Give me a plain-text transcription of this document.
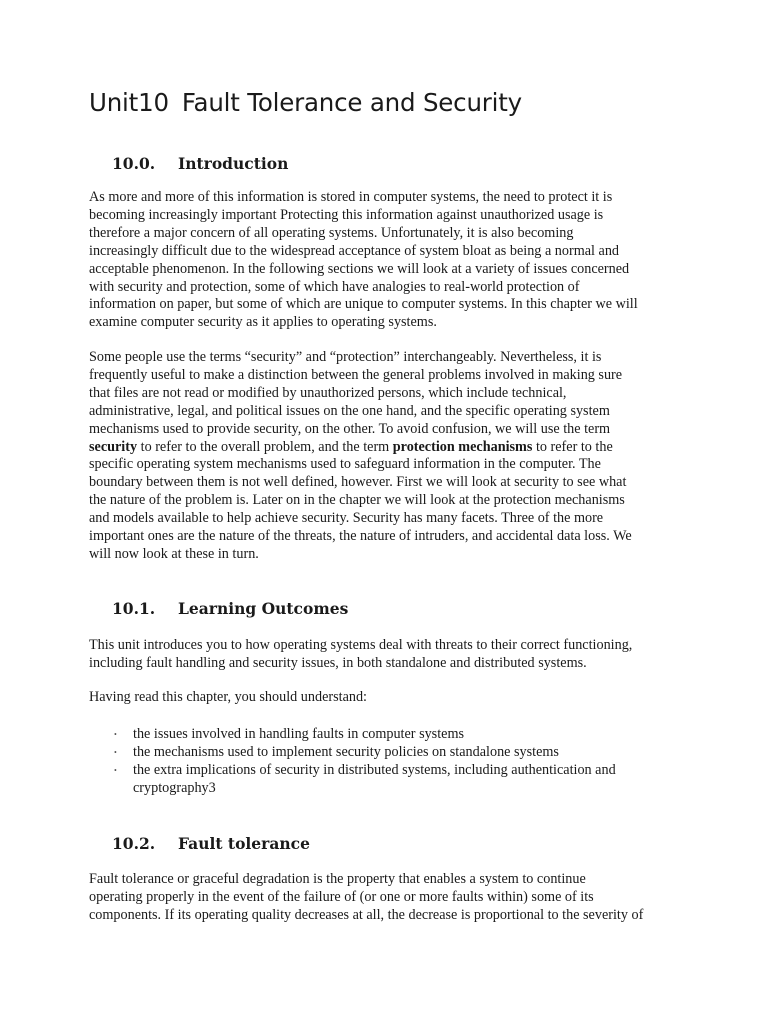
Unit10 Fault Tolerance and Security
10.0. Introduction

As more and more of this information is stored in computer systems, the need to protect it is
becoming increasingly important Protecting this information against unauthorized usage is
therefore a major concern of all operating systems. Unfortunately, it is also becoming
increasingly difficult due to the widespread acceptance of system bloat as being a normal and
acceptable phenomenon. In the following sections we will look at a variety of issues concerned
with security and protection, some of which have analogies to real-world protection of
information on paper, but some of which are unique to computer systems. In this chapter we will
examine computer security as it applies to operating systems.

Some people use the terms “security” and “protection” interchangeably. Nevertheless, it is
frequently useful to make a distinction between the general problems involved in making sure
that files are not read or modified by unauthorized persons, which include technical,
administrative, legal, and political issues on the one hand, and the specific operating system
mechanisms used to provide security, on the other. To avoid confusion, we will use the term
security to refer to the overall problem, and the term protection mechanisms to refer to the
specific operating system mechanisms used to safeguard information in the computer. The
boundary between them is not well defined, however. First we will look at security to see what
the nature of the problem is. Later on in the chapter we will look at the protection mechanisms
and models available to help achieve security. Security has many facets. Three of the more
important ones are the nature of the threats, the nature of intruders, and accidental data loss. We
will now look at these in turn.

10.1. Learning Outcomes

This unit introduces you to how operating systems deal with threats to their correct functioning,
including fault handling and security issues, in both standalone and distributed systems.

Having read this chapter, you should understand:

• the issues involved in handling faults in computer systems
• the mechanisms used to implement security policies on standalone systems
• the extra implications of security in distributed systems, including authentication and
cryptography3
10.2. Fault tolerance

Fault tolerance or graceful degradation is the property that enables a system to continue
operating properly in the event of the failure of (or one or more faults within) some of its
components. If its operating quality decreases at all, the decrease is proportional to the severity of
